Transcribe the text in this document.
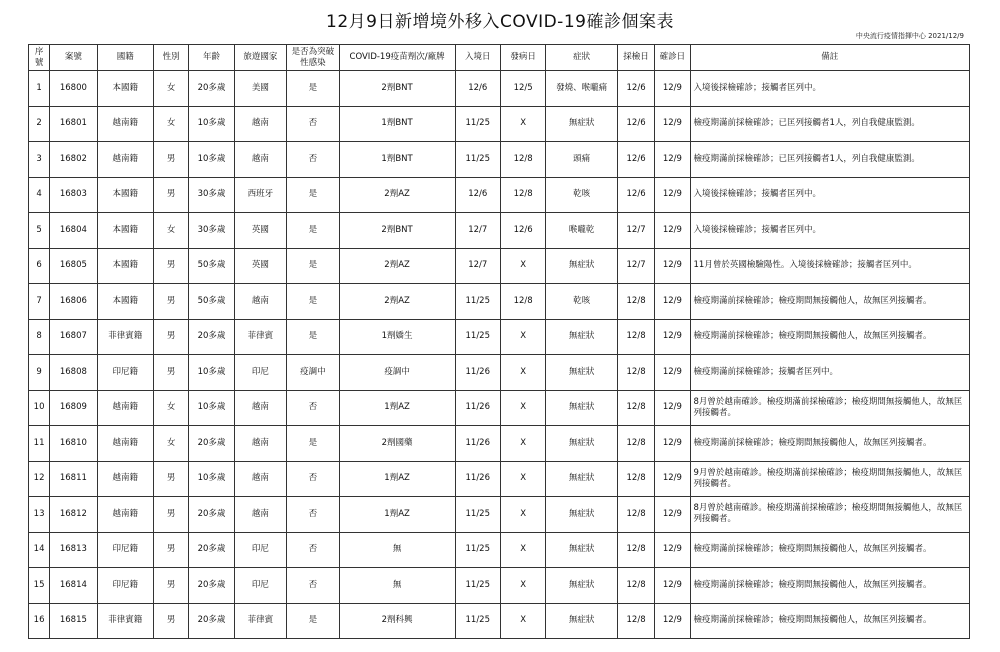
12月9日新增境外移入COVID-19確診個案表
中央流行疫情指揮中心 2021/12/9
序號	案號	國籍	性別	年齡	旅遊國家	是否為突破性感染	COVID-19疫苗劑次/廠牌	入境日	發病日	症狀	採檢日	確診日	備註
1	16800	本國籍	女	20多歲	美國	是	2劑BNT	12/6	12/5	發燒、喉嚨痛	12/6	12/9	入境後採檢確診；接觸者匡列中。
2	16801	越南籍	女	10多歲	越南	否	1劑BNT	11/25	X	無症狀	12/6	12/9	檢疫期滿前採檢確診；已匡列接觸者1人，列自我健康監測。
3	16802	越南籍	男	10多歲	越南	否	1劑BNT	11/25	12/8	頭痛	12/6	12/9	檢疫期滿前採檢確診；已匡列接觸者1人，列自我健康監測。
4	16803	本國籍	男	30多歲	西班牙	是	2劑AZ	12/6	12/8	乾咳	12/6	12/9	入境後採檢確診；接觸者匡列中。
5	16804	本國籍	女	30多歲	英國	是	2劑BNT	12/7	12/6	喉嚨乾	12/7	12/9	入境後採檢確診；接觸者匡列中。
6	16805	本國籍	男	50多歲	英國	是	2劑AZ	12/7	X	無症狀	12/7	12/9	11月曾於英國檢驗陽性。入境後採檢確診；接觸者匡列中。
7	16806	本國籍	男	50多歲	越南	是	2劑AZ	11/25	12/8	乾咳	12/8	12/9	檢疫期滿前採檢確診；檢疫期間無接觸他人，故無匡列接觸者。
8	16807	菲律賓籍	男	20多歲	菲律賓	是	1劑嬌生	11/25	X	無症狀	12/8	12/9	檢疫期滿前採檢確診；檢疫期間無接觸他人，故無匡列接觸者。
9	16808	印尼籍	男	10多歲	印尼	疫調中	疫調中	11/26	X	無症狀	12/8	12/9	檢疫期滿前採檢確診；接觸者匡列中。
10	16809	越南籍	女	10多歲	越南	否	1劑AZ	11/26	X	無症狀	12/8	12/9	8月曾於越南確診。檢疫期滿前採檢確診；檢疫期間無接觸他人，故無匡列接觸者。
11	16810	越南籍	女	20多歲	越南	是	2劑國藥	11/26	X	無症狀	12/8	12/9	檢疫期滿前採檢確診；檢疫期間無接觸他人，故無匡列接觸者。
12	16811	越南籍	男	10多歲	越南	否	1劑AZ	11/26	X	無症狀	12/8	12/9	9月曾於越南確診。檢疫期滿前採檢確診；檢疫期間無接觸他人，故無匡列接觸者。
13	16812	越南籍	男	20多歲	越南	否	1劑AZ	11/25	X	無症狀	12/8	12/9	8月曾於越南確診。檢疫期滿前採檢確診；檢疫期間無接觸他人，故無匡列接觸者。
14	16813	印尼籍	男	20多歲	印尼	否	無	11/25	X	無症狀	12/8	12/9	檢疫期滿前採檢確診；檢疫期間無接觸他人，故無匡列接觸者。
15	16814	印尼籍	男	20多歲	印尼	否	無	11/25	X	無症狀	12/8	12/9	檢疫期滿前採檢確診；檢疫期間無接觸他人，故無匡列接觸者。
16	16815	菲律賓籍	男	20多歲	菲律賓	是	2劑科興	11/25	X	無症狀	12/8	12/9	檢疫期滿前採檢確診；檢疫期間無接觸他人，故無匡列接觸者。
